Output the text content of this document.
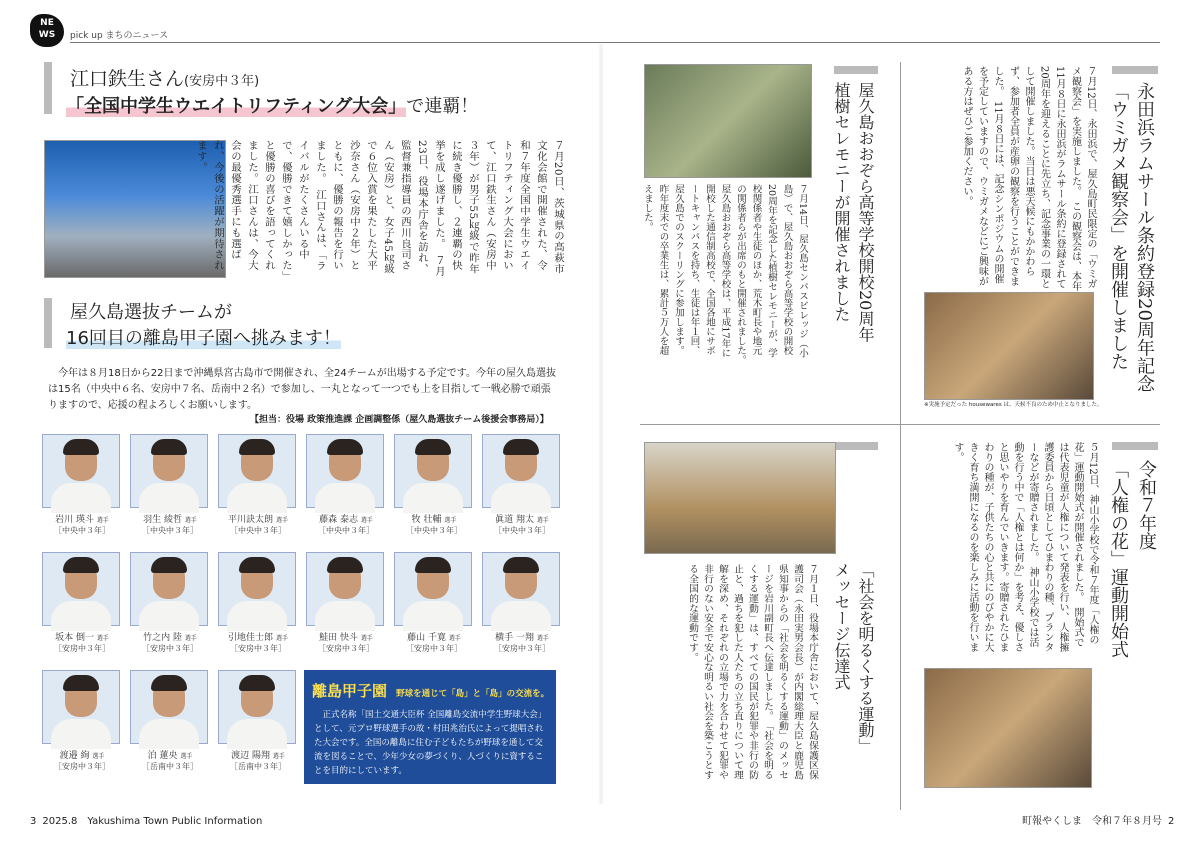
NE
WS	pick up まちのニュース
江口鉄生さん(安房中３年)
「全国中学生ウエイトリフティング大会」で連覇！
７月20日、茨城県の高萩市文化会館で開催された、令和７年度全国中学生ウエイトリフティング大会において、江口鉄生さん（安房中３年）が男子55㎏級で昨年に続き優勝し、２連覇の快挙を成し遂げました。　７月23日、役場本庁舎を訪れ、監督兼指導員の西川良司さん（安房）と、女子45㎏級で６位入賞を果たした大平沙奈さん（安房中２年）とともに、優勝の報告を行いました。　江口さんは、「ライバルがたくさんいる中で、優勝できて嬉しかった」と優勝の喜びを語ってくれました。江口さんは、今大会の最優秀選手にも選ばれ、今後の活躍が期待されます。
屋久島選抜チームが
16回目の離島甲子園へ挑みます！
今年は８月18日から22日まで沖縄県宮古島市で開催され、全24チームが出場する予定です。今年の屋久島選抜は15名（中央中６名、安房中７名、岳南中２名）で参加し、一丸となって一つでも上を目指して一戦必勝で頑張りますので、応援の程よろしくお願いします。
【担当：役場 政策推進課 企画調整係（屋久島選抜チーム後援会事務局）】
岩川 瑛斗 選手
［中央中３年］
羽生 綾哲 選手
［中央中３年］
平川訣太朗 選手
［中央中３年］
藤森 泰志 選手
［中央中３年］
牧 壮輔 選手
［中央中３年］
眞道 翔太 選手
［中央中３年］
坂本 倒一 選手
［安房中３年］
竹之内 陸 選手
［安房中３年］
引地佳士郎 選手
［安房中３年］
鮭田 快斗 選手
［安房中３年］
藤山 千寛 選手
［安房中３年］
横手 一翔 選手
［安房中３年］
渡邉 絢 選手
［安房中３年］
泊 蓮央 選手
［岳南中３年］
渡辺 陽翔 選手
［岳南中３年］
離島甲子園 野球を通じて「島」と「島」の交流を。
正式名称「国土交通大臣杯 全国離島交流中学生野球大会」として、元プロ野球選手の故・村田兆治氏によって提唱された大会です。全国の離島に住む子どもたちが野球を通して交流を図ることで、少年少女の夢づくり、人づくりに資することを目的にしています。
3 2025.8　Yakushima Town Public Information	町報やくしま　令和７年８月号 2
永田浜ラムサール条約登録20周年記念
「ウミガメ観察会」を開催しました
７月12日、永田浜で、屋久島町民限定の「ウミガメ観察会」を実施しました。　この観察会は、本年11月８日に永田浜がラムサール条約に登録されて20周年を迎えることに先立ち、記念事業の一環として開催しました。当日は悪天候にもかかわらず、参加者全員が産卵の観察を行うことができました。　11月８日には、記念シンポジウムの開催を予定していますので、ウミガメなどにご興味がある方はぜひご参加ください。
※実施予定だった housewares は、天候不良のため中止となりました。
屋久島おおぞら高等学校開校20周年
植樹セレモニーが開催されました
７月14日、屋久島センパスビレッジ（小島）で、屋久島おおぞら高等学校の開校20周年を記念した植樹セレモニーが、学校関係者や生徒のほか、荒木町長や地元の関係者らが出席のもと開催されました。　屋久島おおぞら高等学校は、平成17年に開校した通信制高校で、全国各地にサポートキャンパスを持ち、生徒は年１回、屋久島でのスクーリングに参加します。昨年度末での卒業生は、累計５万人を超えました。
令和７年度
「人権の花」運動開始式
５月12日、神山小学校で令和７年度「人権の花」運動開始式が開催されました。　開始式では代表児童が人権について発表を行い、人権擁護委員から日頃としてひまわりの種、プランターなどが寄贈されました。　神山小学校では活動を行う中で「人権とは何か」を考え、優しさと思いやりを育んでいきます。寄贈されたひまわりの種が、子供たちの心と共にのびやかに大きく育ち満開になるのを楽しみに活動を行います。
「社会を明るくする運動」
メッセージ伝達式
７月１日、役場本庁舎において、屋久島保護区保護司会（永田実男会長）が内閣総理大臣と鹿児島県知事からの「社会を明るくする運動」のメッセージを岩川副町長へ伝達しました。　「社会を明るくする運動」は、すべての国民が犯罪や非行の防止と、過ちを犯した人たちの立ち直りについて理解を深め、それぞれの立場で力を合わせて犯罪や非行のない安全で安心な明るい社会を築こうとする全国的な運動です。
